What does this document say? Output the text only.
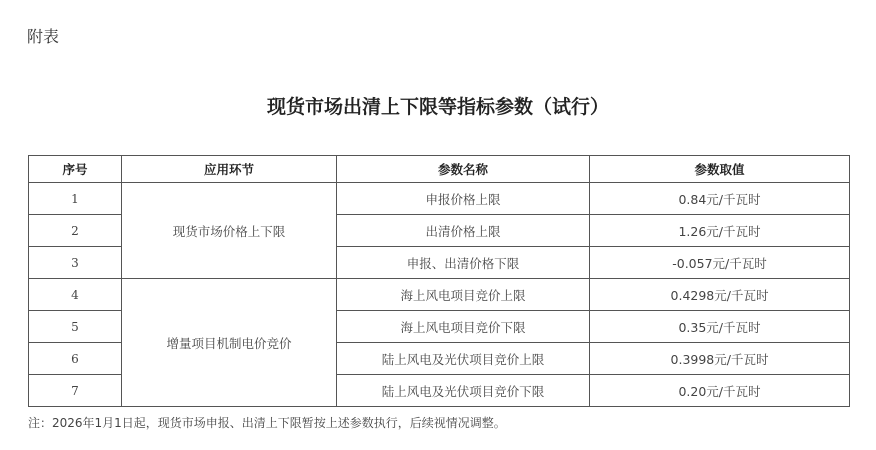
附表
现货市场出清上下限等指标参数（试行）
序号	应用环节	参数名称	参数取值
1	现货市场价格上下限	申报价格上限	0.84元/千瓦时
2		出清价格上限	1.26元/千瓦时
3		申报、出清价格下限	-0.057元/千瓦时
4	增量项目机制电价竞价	海上风电项目竞价上限	0.4298元/千瓦时
5		海上风电项目竞价下限	0.35元/千瓦时
6		陆上风电及光伏项目竞价上限	0.3998元/千瓦时
7		陆上风电及光伏项目竞价下限	0.20元/千瓦时
注：2026年1月1日起，现货市场申报、出清上下限暂按上述参数执行，后续视情况调整。
